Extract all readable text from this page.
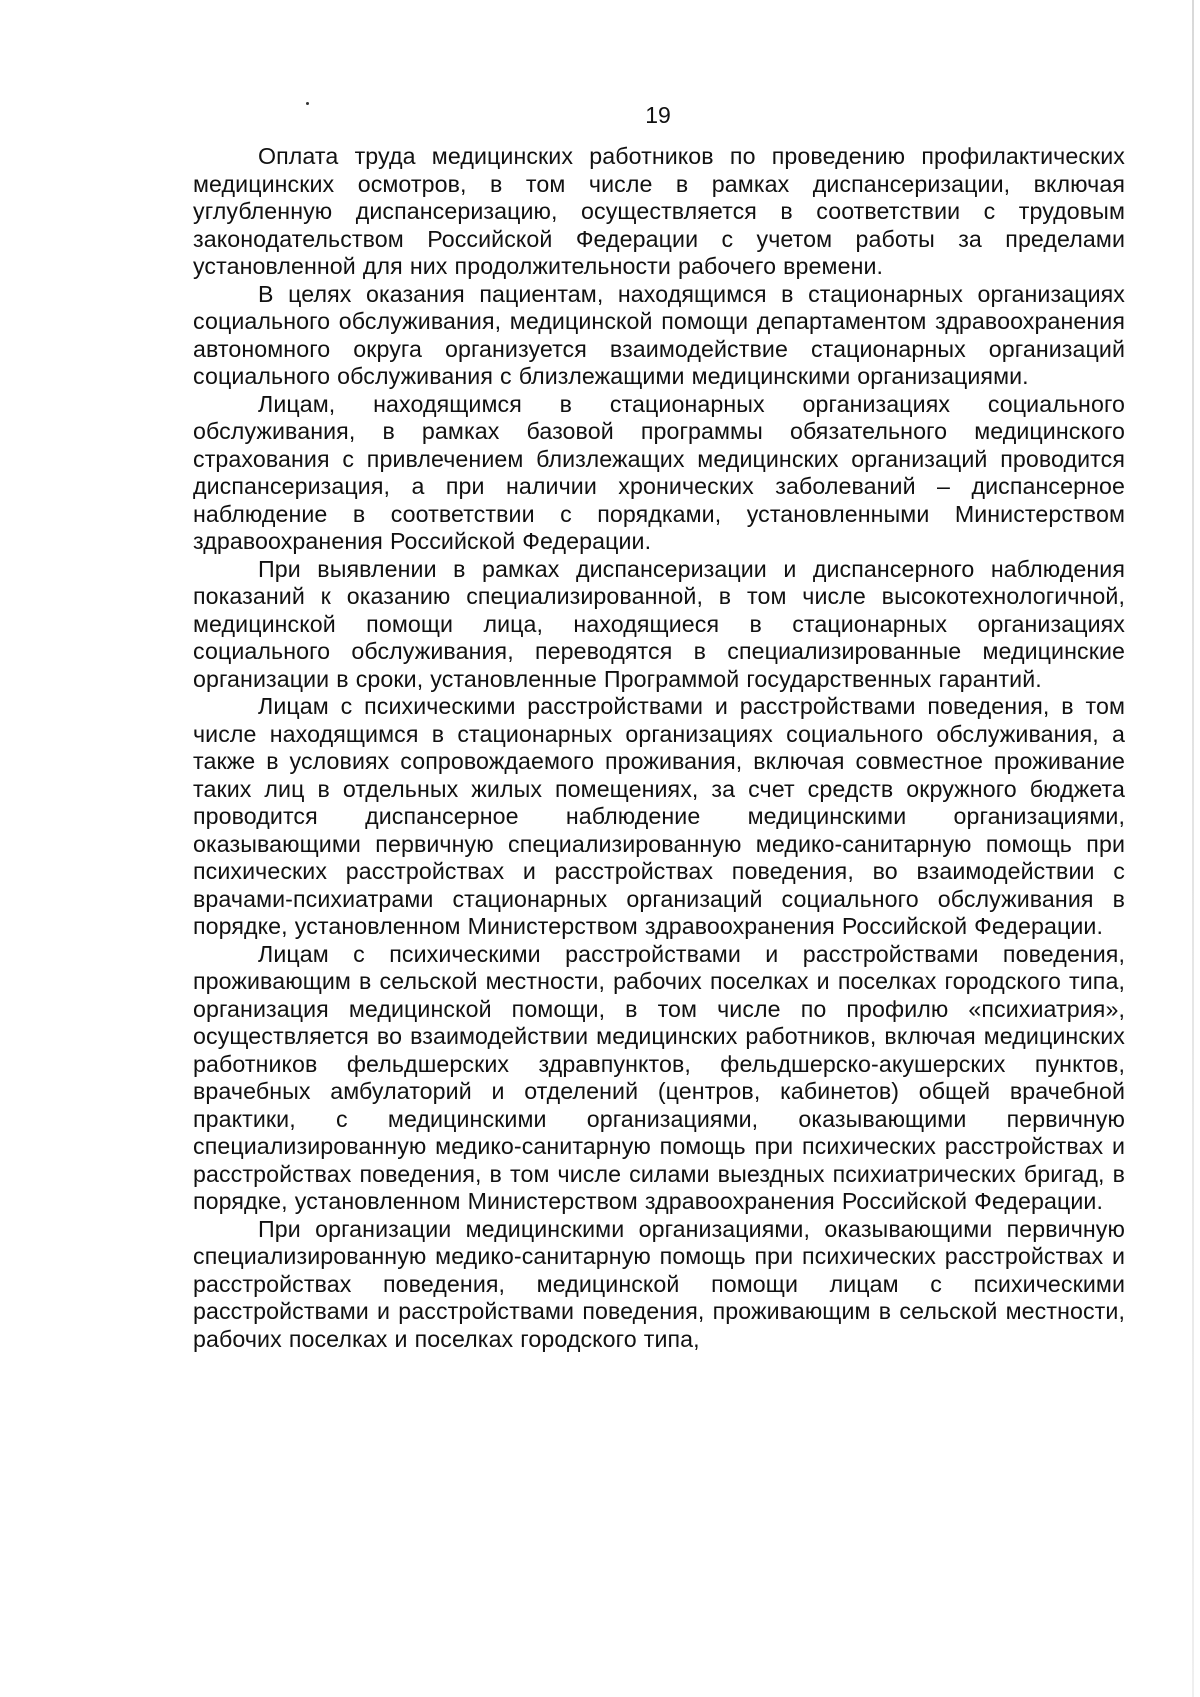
19

Оплата труда медицинских работников по проведению профилактических медицинских осмотров, в том числе в рамках диспансеризации, включая углубленную диспансеризацию, осуществляется в соответствии с трудовым законодательством Российской Федерации с учетом работы за пределами установленной для них продолжительности рабочего времени.

В целях оказания пациентам, находящимся в стационарных организациях социального обслуживания, медицинской помощи департаментом здравоохранения автономного округа организуется взаимодействие стационарных организаций социального обслуживания с близлежащими медицинскими организациями.

Лицам, находящимся в стационарных организациях социального обслуживания, в рамках базовой программы обязательного медицинского страхования с привлечением близлежащих медицинских организаций проводится диспансеризация, а при наличии хронических заболеваний – диспансерное наблюдение в соответствии с порядками, установленными Министерством здравоохранения Российской Федерации.

При выявлении в рамках диспансеризации и диспансерного наблюдения показаний к оказанию специализированной, в том числе высокотехнологичной, медицинской помощи лица, находящиеся в стационарных организациях социального обслуживания, переводятся в специализированные медицинские организации в сроки, установленные Программой государственных гарантий.

Лицам с психическими расстройствами и расстройствами поведения, в том числе находящимся в стационарных организациях социального обслуживания, а также в условиях сопровождаемого проживания, включая совместное проживание таких лиц в отдельных жилых помещениях, за счет средств окружного бюджета проводится диспансерное наблюдение медицинскими организациями, оказывающими первичную специализированную медико-санитарную помощь при психических расстройствах и расстройствах поведения, во взаимодействии с врачами-психиатрами стационарных организаций социального обслуживания в порядке, установленном Министерством здравоохранения Российской Федерации.

Лицам с психическими расстройствами и расстройствами поведения, проживающим в сельской местности, рабочих поселках и поселках городского типа, организация медицинской помощи, в том числе по профилю «психиатрия», осуществляется во взаимодействии медицинских работников, включая медицинских работников фельдшерских здравпунктов, фельдшерско-акушерских пунктов, врачебных амбулаторий и отделений (центров, кабинетов) общей врачебной практики, с медицинскими организациями, оказывающими первичную специализированную медико-санитарную помощь при психических расстройствах и расстройствах поведения, в том числе силами выездных психиатрических бригад, в порядке, установленном Министерством здравоохранения Российской Федерации.

При организации медицинскими организациями, оказывающими первичную специализированную медико-санитарную помощь при психических расстройствах и расстройствах поведения, медицинской помощи лицам с психическими расстройствами и расстройствами поведения, проживающим в сельской местности, рабочих поселках и поселках городского типа,
